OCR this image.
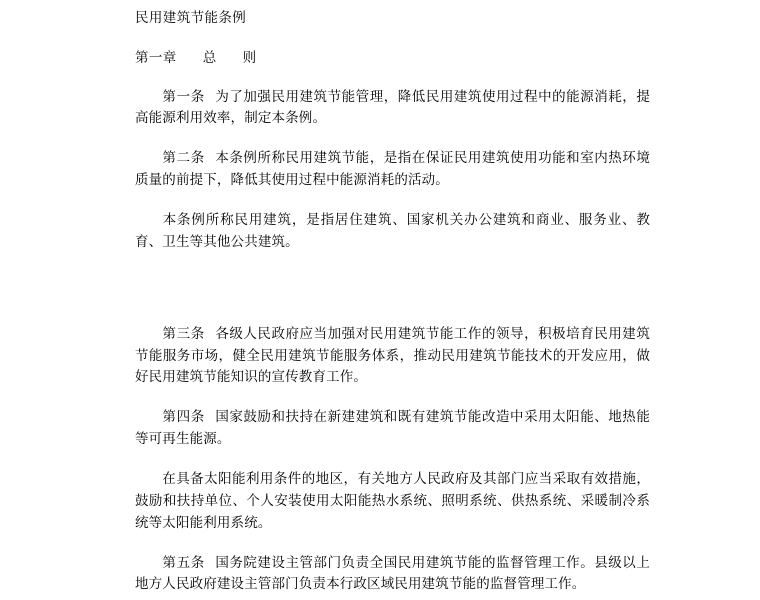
民用建筑节能条例
第一章 总 则

第一条 为了加强民用建筑节能管理，降低民用建筑使用过程中的能源消耗，提高能源利用效率，制定本条例。

第二条 本条例所称民用建筑节能，是指在保证民用建筑使用功能和室内热环境质量的前提下，降低其使用过程中能源消耗的活动。

本条例所称民用建筑，是指居住建筑、国家机关办公建筑和商业、服务业、教育、卫生等其他公共建筑。

第三条 各级人民政府应当加强对民用建筑节能工作的领导，积极培育民用建筑节能服务市场，健全民用建筑节能服务体系，推动民用建筑节能技术的开发应用，做好民用建筑节能知识的宣传教育工作。

第四条 国家鼓励和扶持在新建建筑和既有建筑节能改造中采用太阳能、地热能等可再生能源。

在具备太阳能利用条件的地区，有关地方人民政府及其部门应当采取有效措施，鼓励和扶持单位、个人安装使用太阳能热水系统、照明系统、供热系统、采暖制冷系统等太阳能利用系统。

第五条 国务院建设主管部门负责全国民用建筑节能的监督管理工作。县级以上地方人民政府建设主管部门负责本行政区域民用建筑节能的监督管理工作。
